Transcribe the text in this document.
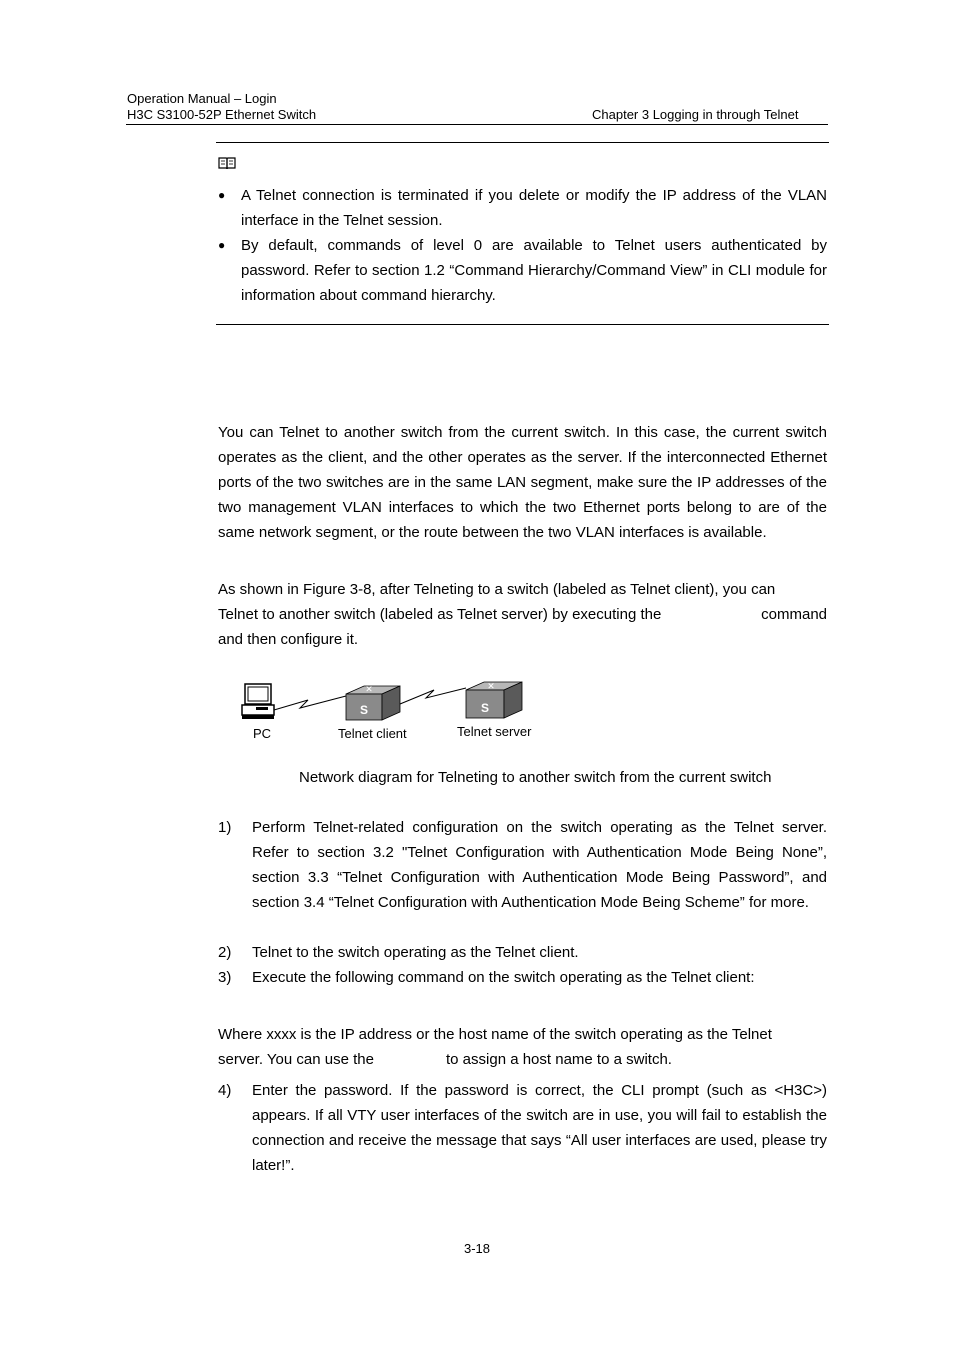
Operation Manual – Login
H3C S3100-52P Ethernet Switch	Chapter 3 Logging in through Telnet
● A Telnet connection is terminated if you delete or modify the IP address of the VLAN interface in the Telnet session.
● By default, commands of level 0 are available to Telnet users authenticated by password. Refer to section 1.2 “Command Hierarchy/Command View” in CLI module for information about command hierarchy.
You can Telnet to another switch from the current switch. In this case, the current switch operates as the client, and the other operates as the server. If the interconnected Ethernet ports of the two switches are in the same LAN segment, make sure the IP addresses of the two management VLAN interfaces to which the two Ethernet ports belong to are of the same network segment, or the route between the two VLAN interfaces is available.
As shown in Figure 3-8, after Telneting to a switch (labeled as Telnet client), you can
Telnet to another switch (labeled as Telnet server) by executing the	command
and then configure it.
✕
S
✕
S
PC	Telnet client	Telnet server
Network diagram for Telneting to another switch from the current switch
1) Perform Telnet-related configuration on the switch operating as the Telnet server. Refer to section 3.2 "Telnet Configuration with Authentication Mode Being None”, section 3.3 “Telnet Configuration with Authentication Mode Being Password”, and section 3.4 “Telnet Configuration with Authentication Mode Being Scheme” for more.
2) Telnet to the switch operating as the Telnet client.
3) Execute the following command on the switch operating as the Telnet client:
Where xxxx is the IP address or the host name of the switch operating as the Telnet
server. You can use the	to assign a host name to a switch.
4) Enter the password. If the password is correct, the CLI prompt (such as <H3C>) appears. If all VTY user interfaces of the switch are in use, you will fail to establish the connection and receive the message that says “All user interfaces are used, please try later!”.
3-18
